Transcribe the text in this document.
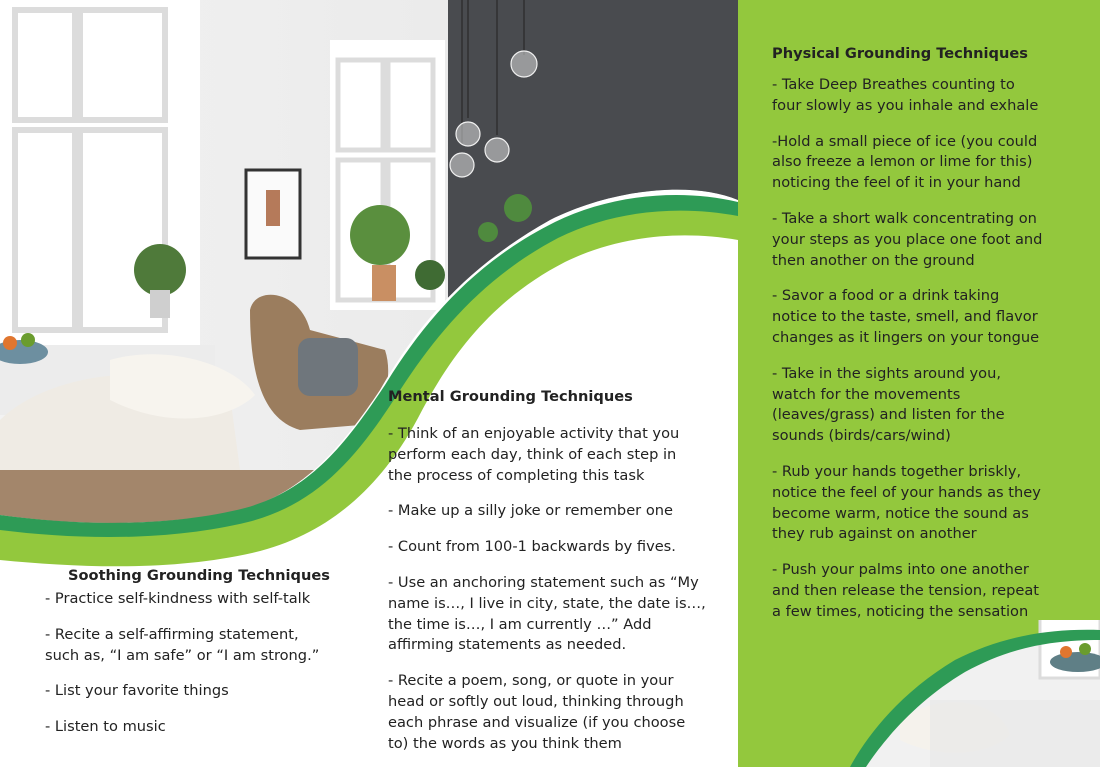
Mental Grounding Techniques

- Think of an enjoyable activity that you
perform each day, think of each step in
the process of completing this task

- Make up a silly joke or remember one

- Count from 100-1 backwards by fives.

- Use an anchoring statement such as “My
name is…, I live in city, state, the date is…,
the time is…, I am currently …” Add
affirming statements as needed.

- Recite a poem, song, or quote in your
head or softly out loud, thinking through
each phrase and visualize (if you choose
to) the words as you think them

Soothing Grounding Techniques

- Practice self-kindness with self-talk

- Recite a self-affirming statement,
such as, “I am safe” or “I am strong.”

- List your favorite things

- Listen to music

Physical Grounding Techniques

- Take Deep Breathes counting to
four slowly as you inhale and exhale

-Hold a small piece of ice (you could
also freeze a lemon or lime for this)
noticing the feel of it in your hand

- Take a short walk concentrating on
your steps as you place one foot and
then another on the ground

- Savor a food or a drink taking
notice to the taste, smell, and flavor
changes as it lingers on your tongue

- Take in the sights around you,
watch for the movements
(leaves/grass) and listen for the
sounds (birds/cars/wind)

- Rub your hands together briskly,
notice the feel of your hands as they
become warm, notice the sound as
they rub against on another

- Push your palms into one another
and then release the tension, repeat
a few times, noticing the sensation
